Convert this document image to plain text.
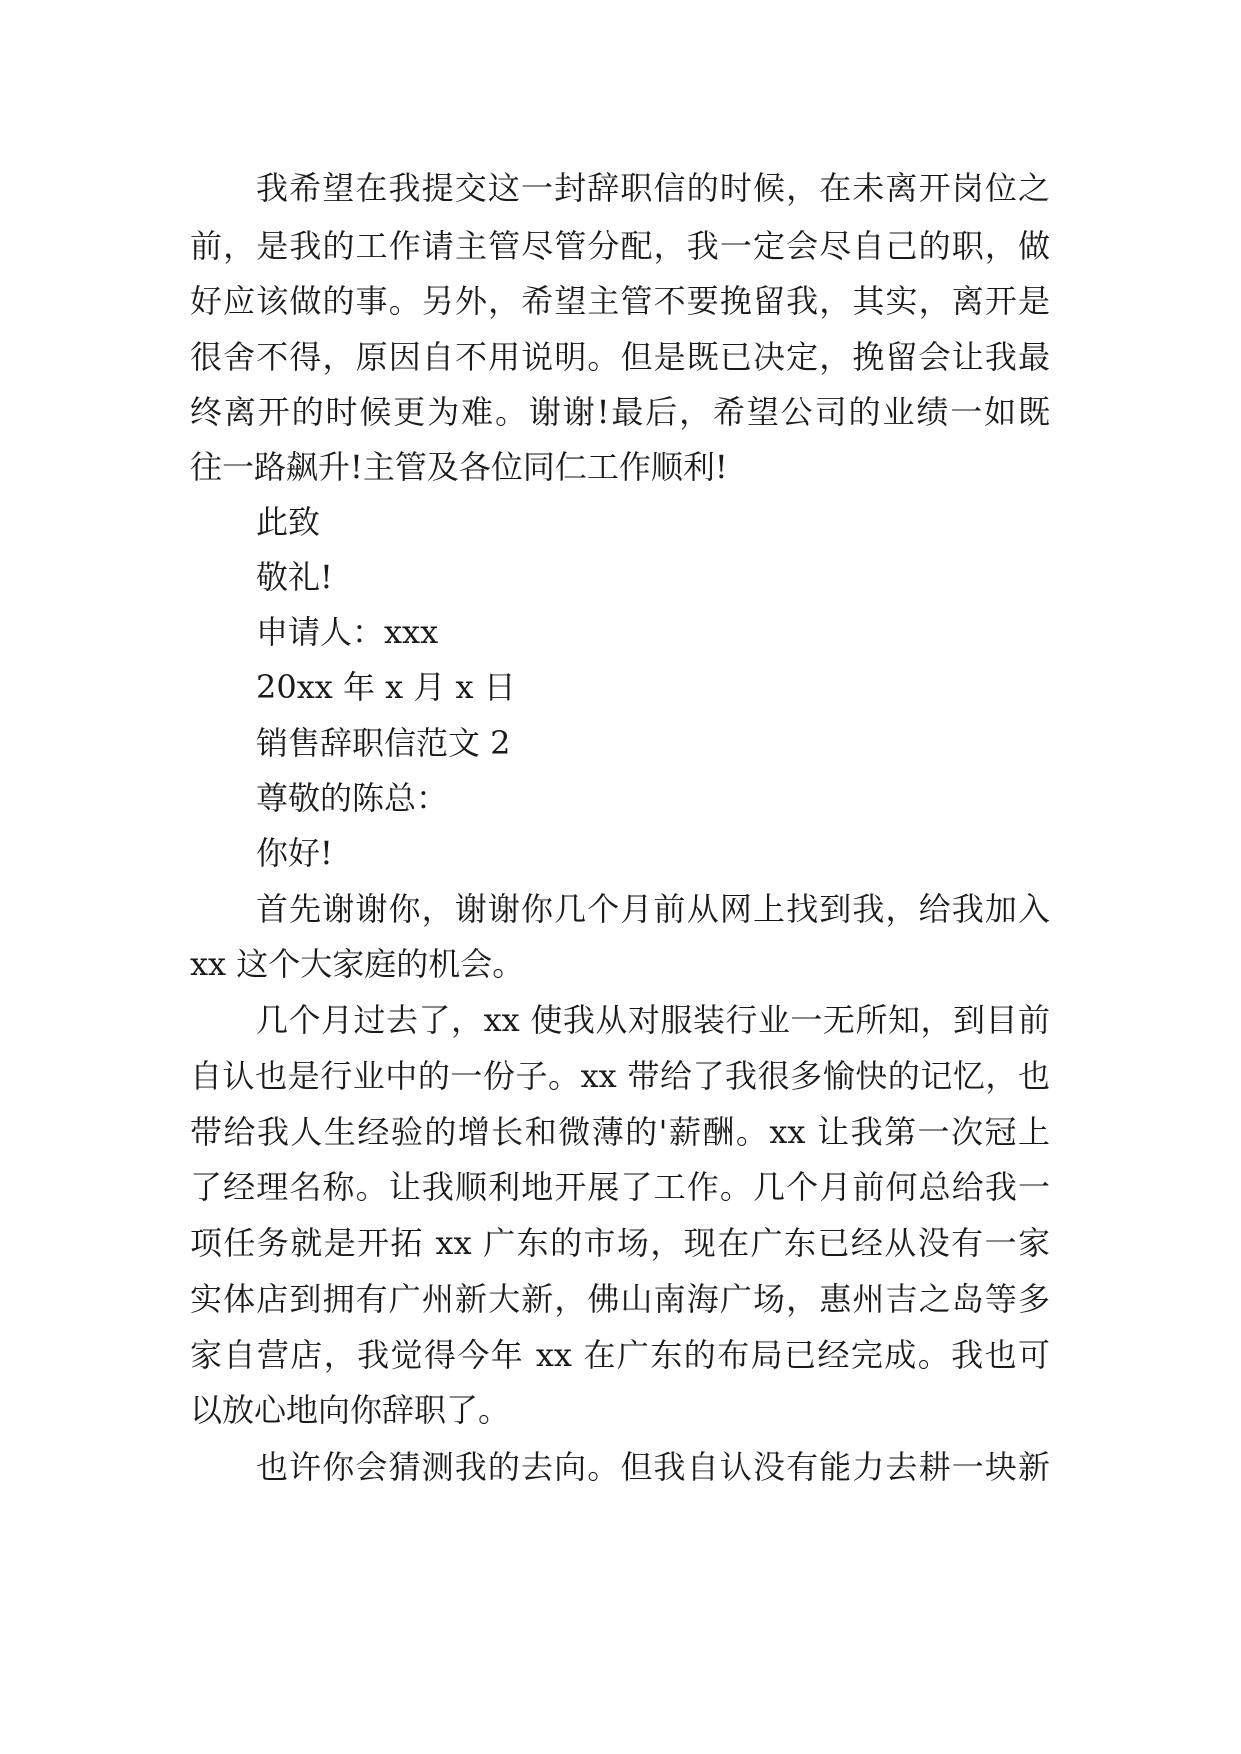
我希望在我提交这一封辞职信的时候，在未离开岗位之
前，是我的工作请主管尽管分配，我一定会尽自己的职，做
好应该做的事。另外，希望主管不要挽留我，其实，离开是
很舍不得，原因自不用说明。但是既已决定，挽留会让我最
终离开的时候更为难。谢谢!最后，希望公司的业绩一如既
往一路飙升!主管及各位同仁工作顺利!
此致
敬礼!
申请人：xxx
20xx 年 x 月 x 日
销售辞职信范文 2
尊敬的陈总：
你好!
首先谢谢你，谢谢你几个月前从网上找到我，给我加入
xx 这个大家庭的机会。
几个月过去了，xx 使我从对服装行业一无所知，到目前
自认也是行业中的一份子。xx 带给了我很多愉快的记忆，也
带给我人生经验的增长和微薄的'薪酬。xx 让我第一次冠上
了经理名称。让我顺利地开展了工作。几个月前何总给我一
项任务就是开拓 xx 广东的市场，现在广东已经从没有一家
实体店到拥有广州新大新，佛山南海广场，惠州吉之岛等多
家自营店，我觉得今年 xx 在广东的布局已经完成。我也可
以放心地向你辞职了。
也许你会猜测我的去向。但我自认没有能力去耕一块新
